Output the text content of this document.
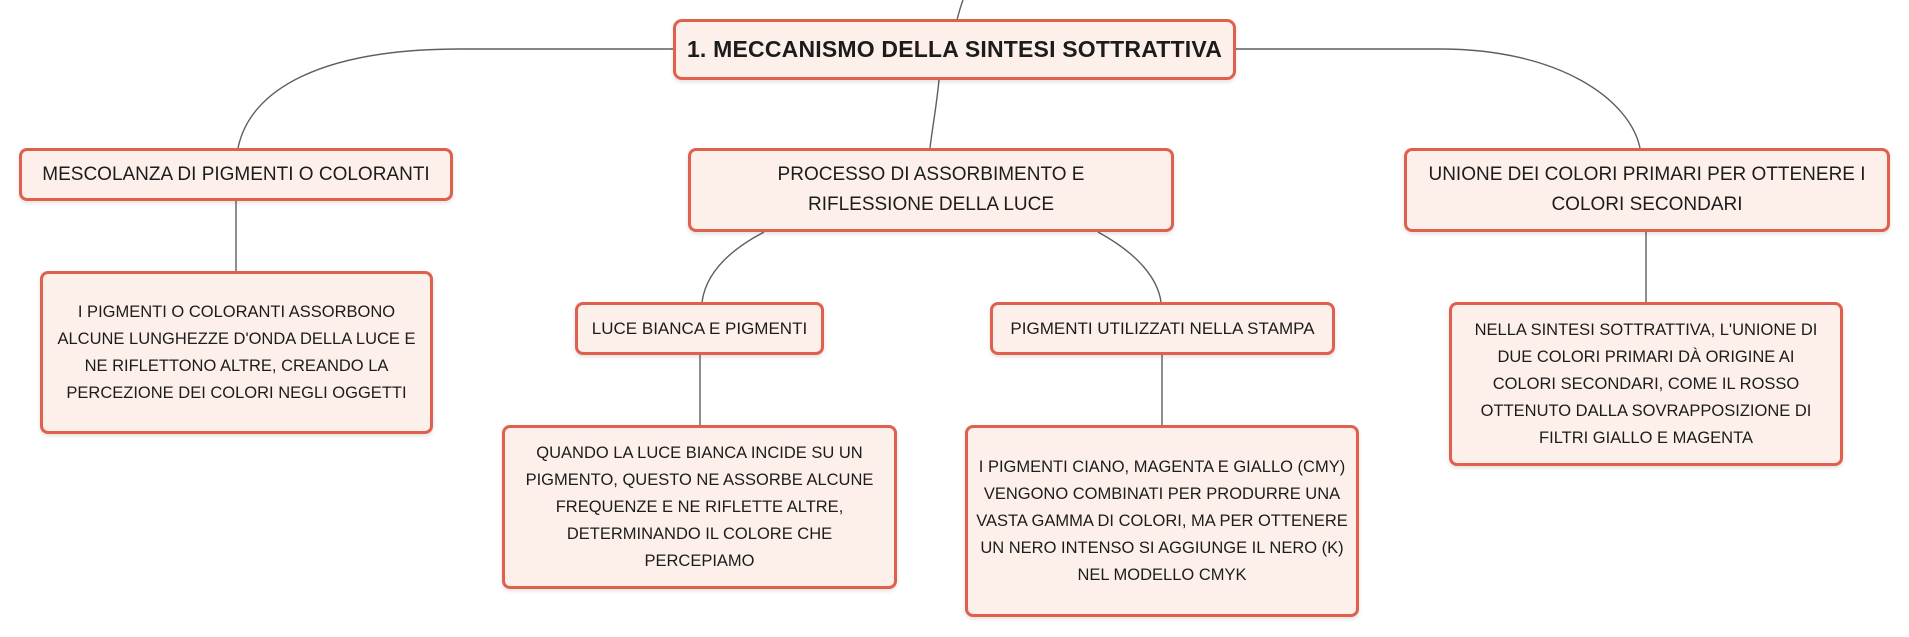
1. MECCANISMO DELLA SINTESI SOTTRATTIVA
MESCOLANZA DI PIGMENTI O COLORANTI	PROCESSO DI ASSORBIMENTO E RIFLESSIONE DELLA LUCE
UNIONE DEI COLORI PRIMARI PER OTTENERE I COLORI SECONDARI
I PIGMENTI O COLORANTI ASSORBONO ALCUNE LUNGHEZZE D'ONDA DELLA LUCE E NE RIFLETTONO ALTRE, CREANDO LA PERCEZIONE DEI COLORI NEGLI OGGETTI
LUCE BIANCA E PIGMENTI	PIGMENTI UTILIZZATI NELLA STAMPA
QUANDO LA LUCE BIANCA INCIDE SU UN PIGMENTO, QUESTO NE ASSORBE ALCUNE FREQUENZE E NE RIFLETTE ALTRE, DETERMINANDO IL COLORE CHE PERCEPIAMO
I PIGMENTI CIANO, MAGENTA E GIALLO (CMY) VENGONO COMBINATI PER PRODURRE UNA VASTA GAMMA DI COLORI, MA PER OTTENERE UN NERO INTENSO SI AGGIUNGE IL NERO (K) NEL MODELLO CMYK
NELLA SINTESI SOTTRATTIVA, L'UNIONE DI DUE COLORI PRIMARI DÀ ORIGINE AI COLORI SECONDARI, COME IL ROSSO OTTENUTO DALLA SOVRAPPOSIZIONE DI FILTRI GIALLO E MAGENTA
